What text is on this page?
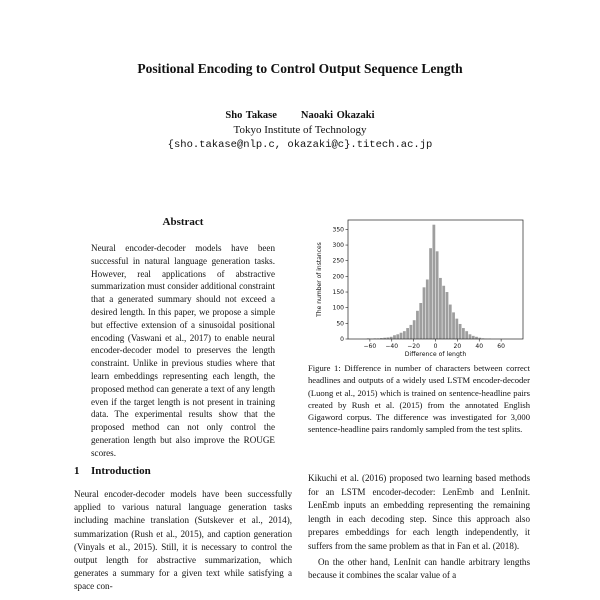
Positional Encoding to Control Output Sequence Length
Sho Takase Naoaki Okazaki
Tokyo Institute of Technology
{sho.takase@nlp.c, okazaki@c}.titech.ac.jp
Abstract
Neural encoder-decoder models have been successful in natural language generation tasks. However, real applications of abstractive summarization must consider additional constraint that a generated summary should not exceed a desired length. In this paper, we propose a simple but effective extension of a sinusoidal positional encoding (Vaswani et al., 2017) to enable neural encoder-decoder model to preserves the length constraint. Unlike in previous studies where that learn embeddings representing each length, the proposed method can generate a text of any length even if the target length is not present in training data. The experimental results show that the proposed method can not only control the generation length but also improve the ROUGE scores.
1 Introduction
Neural encoder-decoder models have been successfully applied to various natural language generation tasks including machine translation (Sutskever et al., 2014), summarization (Rush et al., 2015), and caption generation (Vinyals et al., 2015). Still, it is necessary to control the output length for abstractive summarization, which generates a summary for a given text while satisfying a space con-
−60 −40 −20 0	20 40 60
0
50
100
150
200
250
300
350
Difference of length
The number of instances
Figure 1: Difference in number of characters between correct headlines and outputs of a widely used LSTM encoder-decoder (Luong et al., 2015) which is trained on sentence-headline pairs created by Rush et al. (2015) from the annotated English Gigaword corpus. The difference was investigated for 3,000 sentence-headline pairs randomly sampled from the test splits.

Kikuchi et al. (2016) proposed two learning based methods for an LSTM encoder-decoder: LenEmb and LenInit. LenEmb inputs an embedding representing the remaining length in each decoding step. Since this approach also prepares embeddings for each length independently, it suffers from the same problem as that in Fan et al. (2018).

On the other hand, LenInit can handle arbitrary lengths because it combines the scalar value of a
